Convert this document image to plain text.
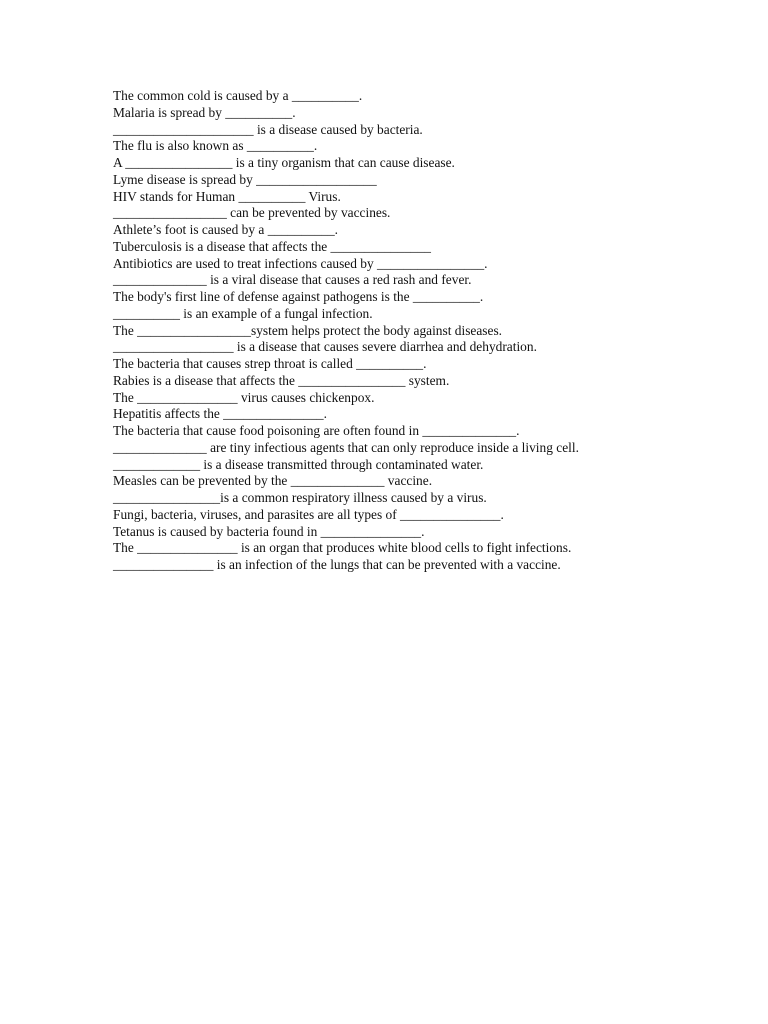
The common cold is caused by a __________.
Malaria is spread by __________.
_____________________ is a disease caused by bacteria.
The flu is also known as __________.
A ________________ is a tiny organism that can cause disease.
Lyme disease is spread by __________________
HIV stands for Human __________ Virus.
_________________ can be prevented by vaccines.
Athlete’s foot is caused by a __________.
Tuberculosis is a disease that affects the _______________
Antibiotics are used to treat infections caused by ________________.
______________ is a viral disease that causes a red rash and fever.
The body's first line of defense against pathogens is the __________.
__________ is an example of a fungal infection.
The _________________system helps protect the body against diseases.
__________________ is a disease that causes severe diarrhea and dehydration.
The bacteria that causes strep throat is called __________.
Rabies is a disease that affects the ________________ system.
The _______________ virus causes chickenpox.
Hepatitis affects the _______________.
The bacteria that cause food poisoning are often found in ______________.
______________ are tiny infectious agents that can only reproduce inside a living cell.
_____________ is a disease transmitted through contaminated water.
Measles can be prevented by the ______________ vaccine.
________________is a common respiratory illness caused by a virus.
Fungi, bacteria, viruses, and parasites are all types of _______________.
Tetanus is caused by bacteria found in _______________.
The _______________ is an organ that produces white blood cells to fight infections.
_______________ is an infection of the lungs that can be prevented with a vaccine.
